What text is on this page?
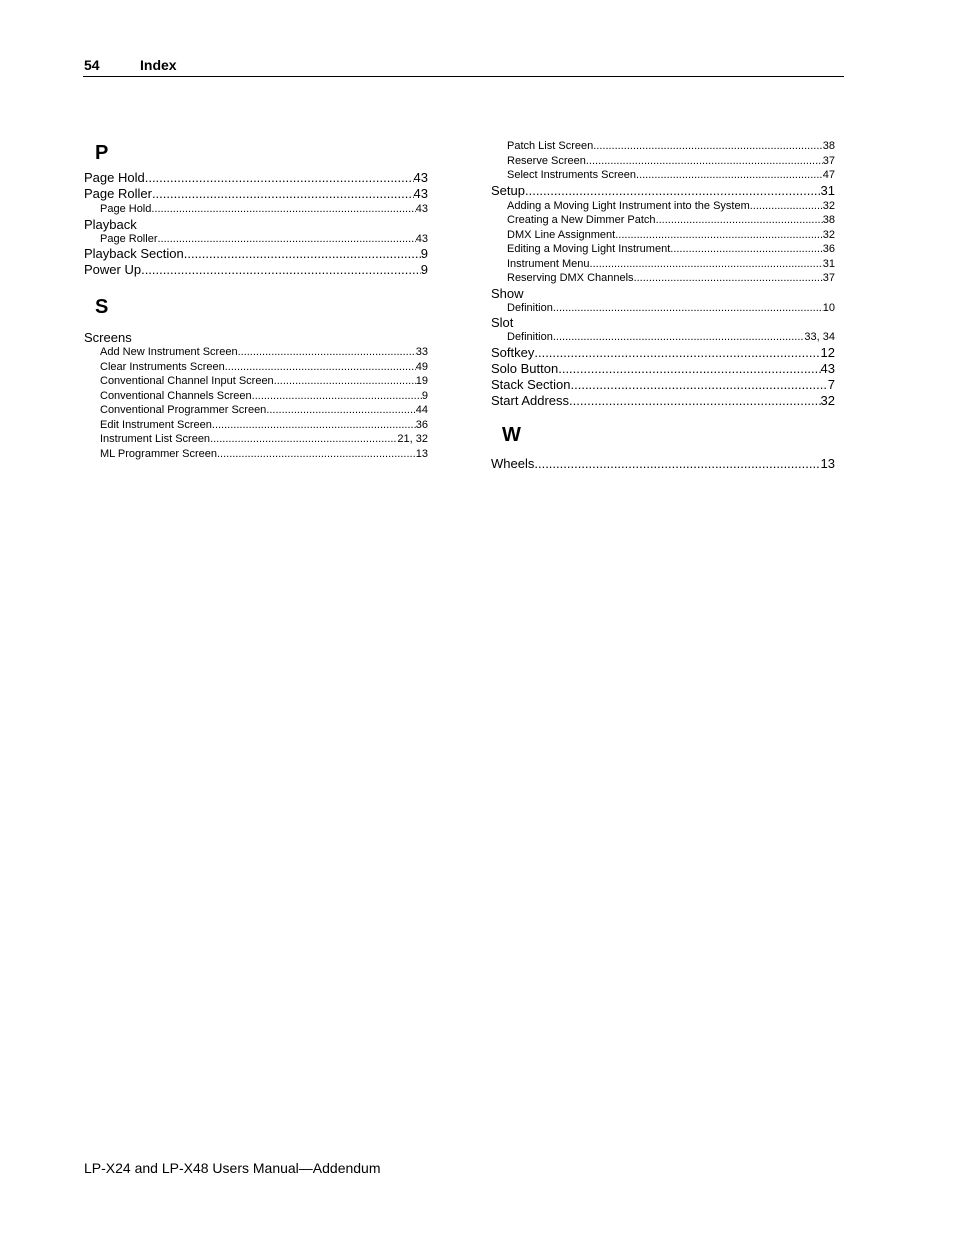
54	Index
P
Page Hold .....	43
Page Roller .....	43
Page Hold .....	43
Playback
Page Roller .....	43
Playback Section .....	9
Power Up .....	9
S
Screens
Add New Instrument Screen .....	33
Clear Instruments Screen .....	49
Conventional Channel Input Screen .....	19
Conventional Channels Screen .....	9
Conventional Programmer Screen .....	44
Edit Instrument Screen .....	36
Instrument List Screen .....	21, 32
ML Programmer Screen .....	13
Patch List Screen .....	38
Reserve Screen .....	37
Select Instruments Screen .....	47
Setup .....	31
Adding a Moving Light Instrument into the System .....	32
Creating a New Dimmer Patch .....	38
DMX Line Assignment .....	32
Editing a Moving Light Instrument .....	36
Instrument Menu .....	31
Reserving DMX Channels .....	37
Show
Definition .....	10
Slot
Definition .....	33, 34
Softkey .....	12
Solo Button .....	43
Stack Section .....	7
Start Address .....	32
W
Wheels .....	13
LP-X24 and LP-X48 Users Manual—Addendum
